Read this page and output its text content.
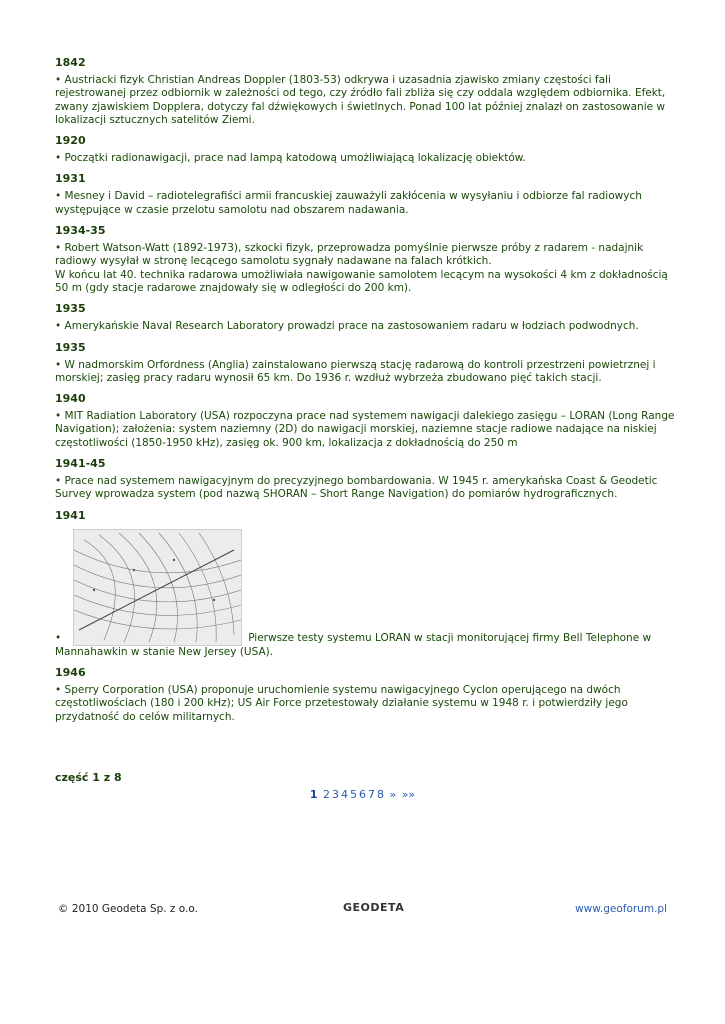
1842
• Austriacki fizyk Christian Andreas Doppler (1803-53) odkrywa i uzasadnia zjawisko zmiany częstości fali rejestrowanej przez odbiornik w zależności od tego, czy źródło fali zbliża się czy oddala względem odbiornika. Efekt, zwany zjawiskiem Dopplera, dotyczy fal dźwiękowych i świetlnych. Ponad 100 lat później znalazł on zastosowanie w lokalizacji sztucznych satelitów Ziemi.
1920
• Początki radionawigacji, prace nad lampą katodową umożliwiającą lokalizację obiektów.
1931
• Mesney i David – radiotelegrafiści armii francuskiej zauważyli zakłócenia w wysyłaniu i odbiorze fal radiowych występujące w czasie przelotu samolotu nad obszarem nadawania.
1934-35
• Robert Watson-Watt (1892-1973), szkocki fizyk, przeprowadza pomyślnie pierwsze próby z radarem - nadajnik radiowy wysyłał w stronę lecącego samolotu sygnały nadawane na falach krótkich.
W końcu lat 40. technika radarowa umożliwiała nawigowanie samolotem lecącym na wysokości 4 km z dokładnością 50 m (gdy stacje radarowe znajdowały się w odległości do 200 km).
1935
• Amerykańskie Naval Research Laboratory prowadzi prace na zastosowaniem radaru w łodziach podwodnych.
1935
• W nadmorskim Orfordness (Anglia) zainstalowano pierwszą stację radarową do kontroli przestrzeni powietrznej i morskiej; zasięg pracy radaru wynosił 65 km. Do 1936 r. wzdłuż wybrzeża zbudowano pięć takich stacji.
1940
• MIT Radiation Laboratory (USA) rozpoczyna prace nad systemem nawigacji dalekiego zasięgu – LORAN (Long Range Navigation); założenia: system naziemny (2D) do nawigacji morskiej, naziemne stacje radiowe nadające na niskiej częstotliwości (1850-1950 kHz), zasięg ok. 900 km, lokalizacja z dokładnością do 250 m
1941-45
• Prace nad systemem nawigacyjnym do precyzyjnego bombardowania. W 1945 r. amerykańska Coast & Geodetic Survey wprowadza system (pod nazwą SHORAN – Short Range Navigation) do pomiarów hydrograficznych.
1941
•	Pierwsze testy systemu LORAN w stacji monitorującej firmy Bell Telephone w
Mannahawkin w stanie New Jersey (USA).
1946
• Sperry Corporation (USA) proponuje uruchomienie systemu nawigacyjnego Cyclon operującego na dwóch częstotliwościach (180 i 200 kHz); US Air Force przetestowały działanie systemu w 1948 r. i potwierdziły jego przydatność do celów militarnych.
część 1 z 8
1 2 3 4 5 6 7 8 » »»
© 2010 Geodeta Sp. z o.o.	GEODETA	www.geoforum.pl
